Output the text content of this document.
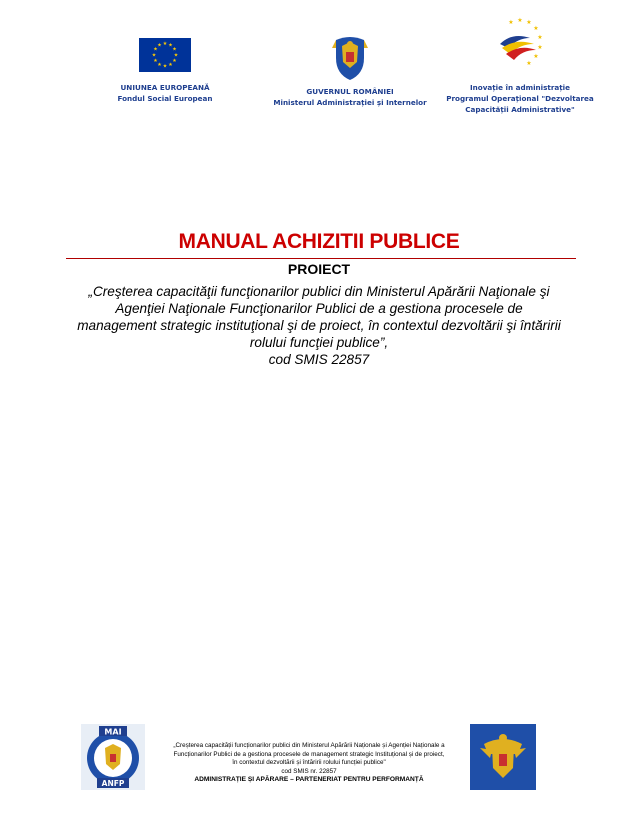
★ ★
★
★
★
★
★
★
★
★
★
★
UNIUNEA EUROPEANĂ
Fondul Social European
GUVERNUL ROMÂNIEI
Ministerul Administrației și Internelor
★ ★
★
★
★
★
★
★
Inovație în administrație
Programul Operațional "Dezvoltarea
Capacității Administrative"
MANUAL ACHIZITII PUBLICE
PROIECT
„Creşterea capacităţii funcţionarilor publici din Ministerul Apărării Naţionale şi
Agenţiei Naţionale Funcţionarilor Publici de a gestiona procesele de
management strategic instituţional şi de proiect, în contextul dezvoltării şi întăririi
rolului funcţiei publice”,
cod SMIS 22857
MAI
ANFP
„Creșterea capacității funcționarilor publici din Ministerul Apărării Naționale și Agenției Naționale a
Funcționarilor Publici de a gestiona procesele de management strategic Instituțional și de proiect,
în contextul dezvoltării și întăririi rolului funcției publice"
cod SMIS nr. 22857
ADMINISTRAȚIE ȘI APĂRARE – PARTENERIAT PENTRU PERFORMANȚĂ
